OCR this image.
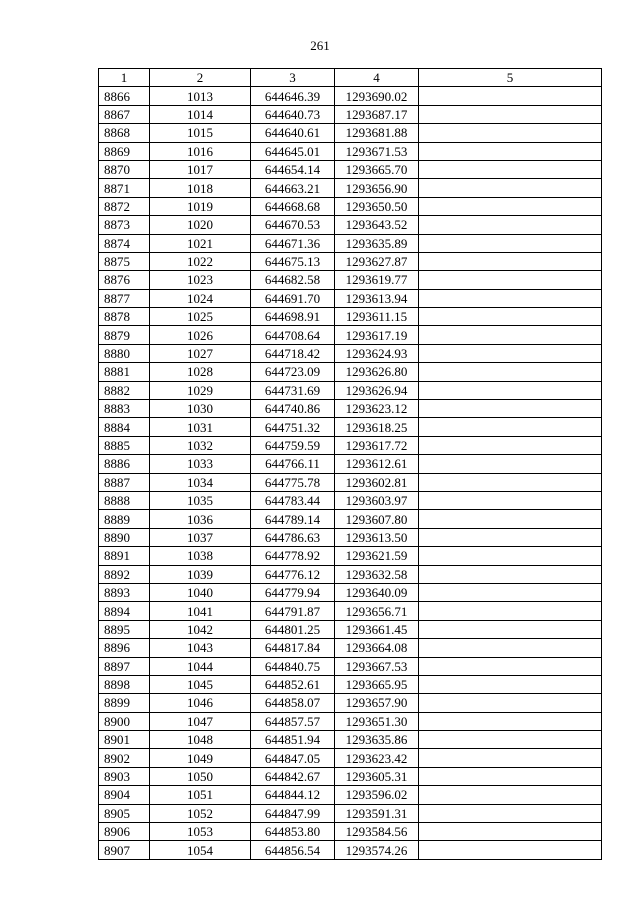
261
1	2	3	4	5
8866	1013	644646.39	1293690.02	
8867	1014	644640.73	1293687.17	
8868	1015	644640.61	1293681.88	
8869	1016	644645.01	1293671.53	
8870	1017	644654.14	1293665.70	
8871	1018	644663.21	1293656.90	
8872	1019	644668.68	1293650.50	
8873	1020	644670.53	1293643.52	
8874	1021	644671.36	1293635.89	
8875	1022	644675.13	1293627.87	
8876	1023	644682.58	1293619.77	
8877	1024	644691.70	1293613.94	
8878	1025	644698.91	1293611.15	
8879	1026	644708.64	1293617.19	
8880	1027	644718.42	1293624.93	
8881	1028	644723.09	1293626.80	
8882	1029	644731.69	1293626.94	
8883	1030	644740.86	1293623.12	
8884	1031	644751.32	1293618.25	
8885	1032	644759.59	1293617.72	
8886	1033	644766.11	1293612.61	
8887	1034	644775.78	1293602.81	
8888	1035	644783.44	1293603.97	
8889	1036	644789.14	1293607.80	
8890	1037	644786.63	1293613.50	
8891	1038	644778.92	1293621.59	
8892	1039	644776.12	1293632.58	
8893	1040	644779.94	1293640.09	
8894	1041	644791.87	1293656.71	
8895	1042	644801.25	1293661.45	
8896	1043	644817.84	1293664.08	
8897	1044	644840.75	1293667.53	
8898	1045	644852.61	1293665.95	
8899	1046	644858.07	1293657.90	
8900	1047	644857.57	1293651.30	
8901	1048	644851.94	1293635.86	
8902	1049	644847.05	1293623.42	
8903	1050	644842.67	1293605.31	
8904	1051	644844.12	1293596.02	
8905	1052	644847.99	1293591.31	
8906	1053	644853.80	1293584.56	
8907	1054	644856.54	1293574.26	
